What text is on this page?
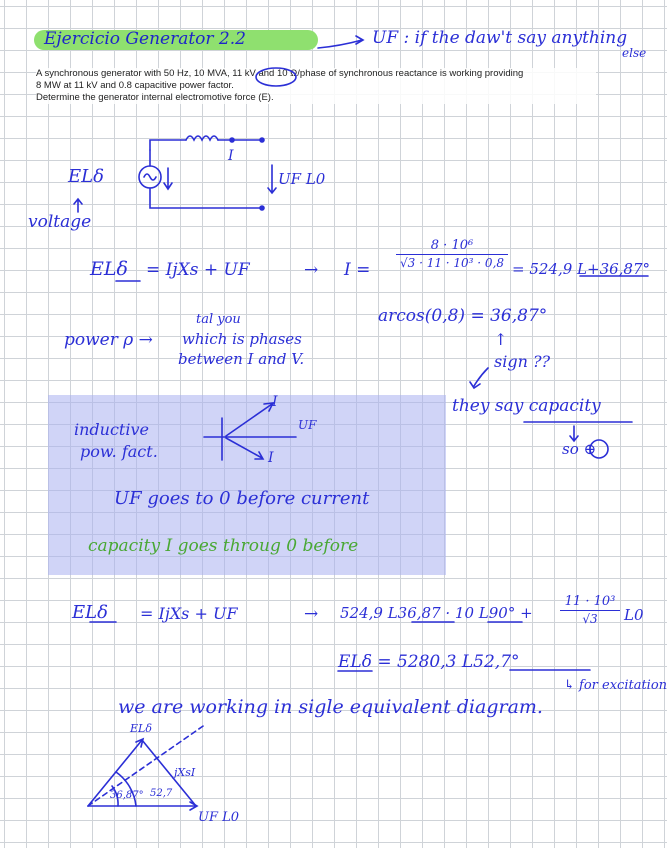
Ejercicio Generator 2.2	UF : if the daw't say anything
else

A synchronous generator with 50 Hz, 10 MVA, 11 kV and 10 Ω/phase of synchronous reactance is working providing

8 MW at 11 kV and 0.8 capacitive power factor.

Determine the generator internal electromotive force (E).

I
ELδ	UF L0
voltage
ELδ = IjXs + UF	→ I =
8 · 10⁶
√3 · 11 · 10³ · 0,8 = 524,9 L+36,87°
arcos(0,8) = 36,87°
power ρ →
tal you
which is phases
between I and V.
↑
sign ??
they say capacity
so ⊕
inductive
pow. fact.
I
UF
I
UF goes to 0 before current
capacity I goes throug 0 before
ELδ = IjXs + UF	→ 524,9 L36,87 · 10 L90° +
11 · 10³
√3	L0
ELδ = 5280,3 L52,7°
↳ for excitation
we are working in sigle equivalent diagram.
ELδ
jXsI
36,87° 52,7
UF L0
